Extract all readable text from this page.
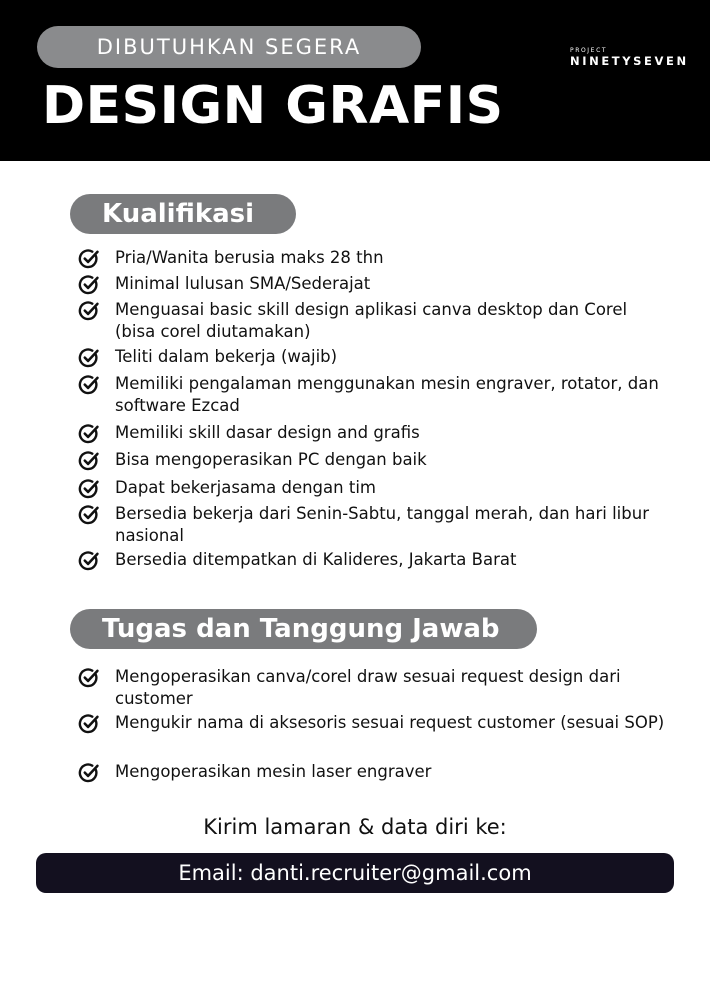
DIBUTUHKAN SEGERA
DESIGN GRAFIS
PROJECT
NINETYSEVEN
Kualifikasi
Pria/Wanita berusia maks 28 thn
Minimal lulusan SMA/Sederajat
Menguasai basic skill design aplikasi canva desktop dan Corel (bisa corel diutamakan)
Teliti dalam bekerja (wajib)
Memiliki pengalaman menggunakan mesin engraver, rotator, dan software Ezcad
Memiliki skill dasar design and grafis
Bisa mengoperasikan PC dengan baik
Dapat bekerjasama dengan tim
Bersedia bekerja dari Senin-Sabtu, tanggal merah, dan hari libur nasional
Bersedia ditempatkan di Kalideres, Jakarta Barat
Tugas dan Tanggung Jawab
Mengoperasikan canva/corel draw sesuai request design dari customer
Mengukir nama di aksesoris sesuai request customer (sesuai SOP)
Mengoperasikan mesin laser engraver
Kirim lamaran & data diri ke:
Email: danti.recruiter@gmail.com
